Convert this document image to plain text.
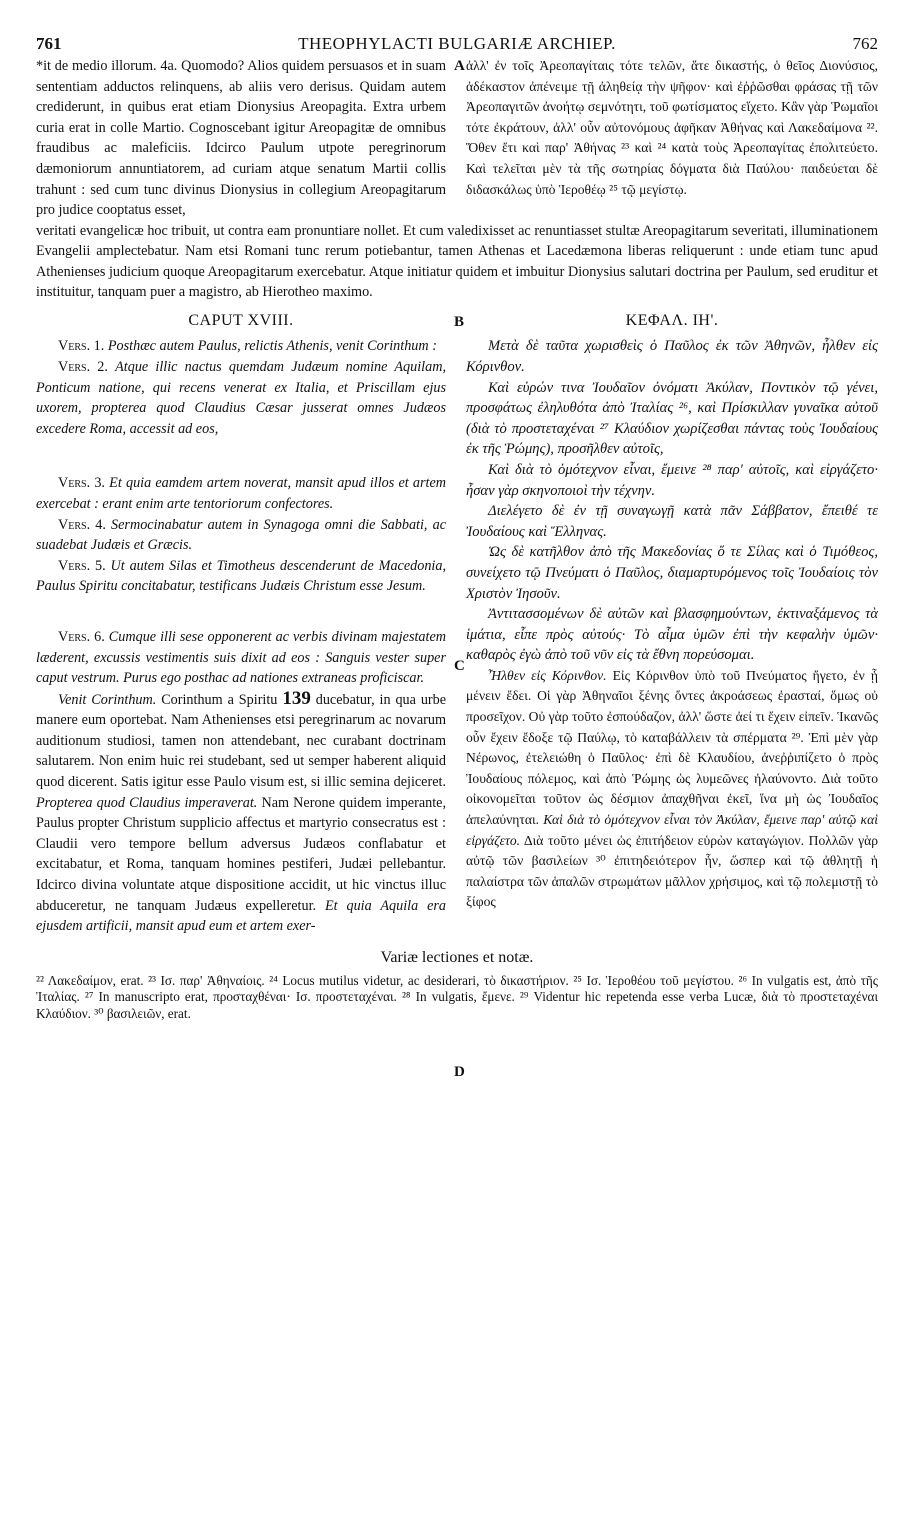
761	THEOPHYLACTI BULGARIÆ ARCHIEP.	762

*it de medio illorum. 4a. Quomodo? Alios quidem persuasos et in suam sententiam adductos relinquens, ab aliis vero derisus. Quidam autem crediderunt, in quibus erat etiam Dionysius Areopagita. Extra urbem curia erat in colle Martio. Cognoscebant igitur Areopagitæ de omnibus fraudibus ac maleficiis. Idcirco Paulum utpote peregrinorum dæmoniorum annuntiatorem, ad curiam atque senatum Martii collis trahunt : sed cum tunc divinus Dionysius in collegium Areopagitarum pro judice cooptatus esset,

A ἀλλ' ἐν τοῖς Ἀρεοπαγίταις τότε τελῶν, ἅτε δικαστής, ὁ θεῖος Διονύσιος, ἀδέκαστον ἀπένειμε τῇ ἀληθείᾳ τὴν ψῆφον· καὶ ἐῤῥῶσθαι φράσας τῇ τῶν Ἀρεοπαγιτῶν ἀνοήτῳ σεμνότητι, τοῦ φωτίσματος εἵχετο. Κἂν γὰρ Ῥωμαῖοι τότε ἐκράτουν, ἀλλ' οὖν αὐτονόμους ἀφῆκαν Ἀθήνας καὶ Λακεδαίμονα ²². Ὅθεν ἔτι καὶ παρ' Ἀθήνας ²³ καὶ ²⁴ κατὰ τοὺς Ἀρεοπαγίτας ἐπολιτεύετο. Καὶ τελεῖται μὲν τὰ τῆς σωτηρίας δόγματα διὰ Παύλου· παιδεύεται δὲ διδασκάλως ὑπὸ Ἱεροθέῳ ²⁵ τῷ μεγίστῳ.

veritati evangelicæ hoc tribuit, ut contra eam pronuntiare nollet. Et cum valedixisset ac renuntiasset stultæ Areopagitarum severitati, illuminationem Evangelii amplectebatur. Nam etsi Romani tunc rerum potiebantur, tamen Athenas et Lacedæmona liberas reliquerunt : unde etiam tunc apud Athenienses judicium quoque Areopagitarum exercebatur. Atque initiatur quidem et imbuitur Dionysius salutari doctrina per Paulum, sed eruditur et instituitur, tanquam puer a magistro, ab Hierotheo maximo.

CAPUT XVIII.	B	ΚΕΦΑΛ. ΙΗ'.

Vers. 1. Posthæc autem Paulus, relictis Athenis, venit Corinthum :

Vers. 2. Atque illic nactus quemdam Judæum nomine Aquilam, Ponticum natione, qui recens venerat ex Italia, et Priscillam ejus uxorem, propterea quod Claudius Cæsar jusserat omnes Judæos excedere Roma, accessit ad eos,

Vers. 3. Et quia eamdem artem noverat, mansit apud illos et artem exercebat : erant enim arte tentoriorum confectores.

Vers. 4. Sermocinabatur autem in Synagoga omni die Sabbati, ac suadebat Judæis et Græcis.

Vers. 5. Ut autem Silas et Timotheus descenderunt de Macedonia, Paulus Spiritu concitabatur, testificans Judæis Christum esse Jesum.

Vers. 6. Cumque illi sese opponerent ac verbis divinam majestatem læderent, excussis vestimentis suis dixit ad eos : Sanguis vester super caput vestrum. Purus ego posthac ad nationes extraneas proficiscar.

Venit Corinthum. Corinthum a Spiritu 139 ducebatur, in qua urbe manere eum oportebat. Nam Athenienses etsi peregrinarum ac novarum auditionum studiosi, tamen non attendebant, nec curabant doctrinam salutarem. Non enim huic rei studebant, sed ut semper haberent aliquid quod dicerent. Satis igitur esse Paulo visum est, si illic semina dejiceret. Propterea quod Claudius imperaverat. Nam Nerone quidem imperante, Paulus propter Christum supplicio affectus et martyrio consecratus est : Claudii vero tempore bellum adversus Judæos conflabatur et excitabatur, et Roma, tanquam homines pestiferi, Judæi pellebantur. Idcirco divina voluntate atque dispositione accidit, ut hic vinctus illuc abduceretur, ne tanquam Judæus expelleretur. Et quia Aquila era ejusdem artificii, mansit apud eum et artem exer-

C
D

Μετὰ δὲ ταῦτα χωρισθεὶς ὁ Παῦλος ἐκ τῶν Ἀθηνῶν, ἦλθεν εἰς Κόρινθον.

Καὶ εὑρών τινα Ἰουδαῖον ὀνόματι Ἀκύλαν, Ποντικὸν τῷ γένει, προσφάτως ἐληλυθότα ἀπὸ Ἰταλίας ²⁶, καὶ Πρίσκιλλαν γυναῖκα αὐτοῦ (διὰ τὸ προστεταχέναι ²⁷ Κλαύδιον χωρίζεσθαι πάντας τοὺς Ἰουδαίους ἐκ τῆς Ῥώμης), προσῆλθεν αὐτοῖς,

Καὶ διὰ τὸ ὁμότεχνον εἶναι, ἔμεινε ²⁸ παρ' αὐτοῖς, καὶ εἰργάζετο· ἦσαν γὰρ σκηνοποιοὶ τὴν τέχνην.

Διελέγετο δὲ ἐν τῇ συναγωγῇ κατὰ πᾶν Σάββατον, ἔπειθέ τε Ἰουδαίους καὶ Ἕλληνας.

Ὡς δὲ κατῆλθον ἀπὸ τῆς Μακεδονίας ὅ τε Σίλας καὶ ὁ Τιμόθεος, συνείχετο τῷ Πνεύματι ὁ Παῦλος, διαμαρτυρόμενος τοῖς Ἰουδαίοις τὸν Χριστὸν Ἰησοῦν.

Ἀντιτασσομένων δὲ αὐτῶν καὶ βλασφημούντων, ἐκτιναξάμενος τὰ ἱμάτια, εἶπε πρὸς αὐτούς· Τὸ αἷμα ὑμῶν ἐπὶ τὴν κεφαλὴν ὑμῶν· καθαρὸς ἐγὼ ἀπὸ τοῦ νῦν εἰς τὰ ἔθνη πορεύσομαι.

Ἦλθεν εἰς Κόρινθον. Εἰς Κόρινθον ὑπὸ τοῦ Πνεύματος ἤγετο, ἐν ᾗ μένειν ἔδει. Οἱ γὰρ Ἀθηναῖοι ξένης ὄντες ἀκροάσεως ἐρασταί, ὅμως οὐ προσεῖχον. Οὐ γὰρ τοῦτο ἐσπούδαζον, ἀλλ' ὥστε ἀεί τι ἔχειν εἰπεῖν. Ἱκανῶς οὖν ἔχειν ἔδοξε τῷ Παύλῳ, τὸ καταβάλλειν τὰ σπέρματα ²⁹. Ἐπὶ μὲν γὰρ Νέρωνος, ἐτελειώθη ὁ Παῦλος· ἐπὶ δὲ Κλαυδίου, ἀνεῤῥιπίζετο ὁ πρὸς Ἰουδαίους πόλεμος, καὶ ἀπὸ Ῥώμης ὡς λυμεῶνες ἠλαύνοντο. Διὰ τοῦτο οἰκονομεῖται τοῦτον ὡς δέσμιον ἀπαχθῆναι ἐκεῖ, ἵνα μὴ ὡς Ἰουδαῖος ἀπελαύνηται. Καὶ διὰ τὸ ὁμότεχνον εἶναι τὸν Ἀκύλαν, ἔμεινε παρ' αὐτῷ καὶ εἰργάζετο. Διὰ τοῦτο μένει ὡς ἐπιτήδειον εὑρὼν καταγώγιον. Πολλῶν γὰρ αὐτῷ τῶν βασιλείων ³⁰ ἐπιτηδειότερον ἦν, ὥσπερ καὶ τῷ ἀθλητῇ ἡ παλαίστρα τῶν ἁπαλῶν στρωμάτων μᾶλλον χρήσιμος, καὶ τῷ πολεμιστῇ τὸ ξίφος

Variæ lectiones et notæ.

²² Λακεδαίμον, erat. ²³ Ισ. παρ' Ἀθηναίοις. ²⁴ Locus mutilus videtur, ac desiderari, τὸ δικαστήριον. ²⁵ Ισ. Ἱεροθέου τοῦ μεγίστου. ²⁶ In vulgatis est, ἀπὸ τῆς Ἰταλίας. ²⁷ In manuscripto erat, προσταχθέναι· Ισ. προστεταχέναι. ²⁸ In vulgatis, ἔμενε. ²⁹ Videntur hic repetenda esse verba Lucæ, διὰ τὸ προστεταχέναι Κλαύδιον. ³⁰ βασιλειῶν, erat.
